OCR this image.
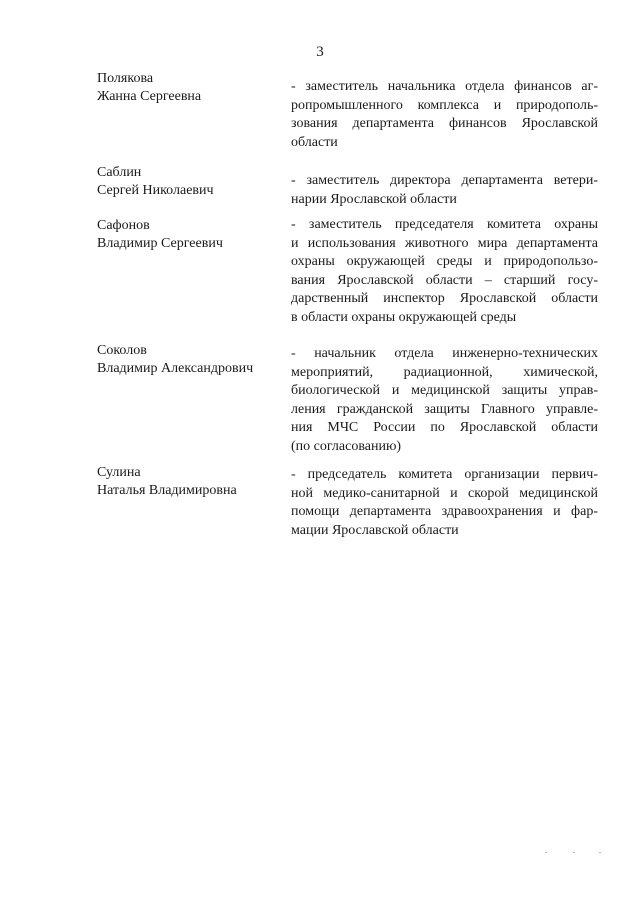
3
Полякова
Жанна Сергеевна
- заместитель начальника отдела финансов аг-
ропромышленного комплекса и природополь-
зования департамента финансов Ярославской
области
Саблин
Сергей Николаевич
- заместитель директора департамента ветери-
нарии Ярославской области
Сафонов
Владимир Сергеевич
- заместитель председателя комитета охраны
и использования животного мира департамента
охраны окружающей среды и природопользо-
вания Ярославской области – старший госу-
дарственный инспектор Ярославской области
в области охраны окружающей среды
Соколов
Владимир Александрович
- начальник отдела инженерно-технических
мероприятий, радиационной, химической,
биологической и медицинской защиты управ-
ления гражданской защиты Главного управле-
ния МЧС России по Ярославской области
(по согласованию)
Сулина
Наталья Владимировна
- председатель комитета организации первич-
ной медико-санитарной и скорой медицинской
помощи департамента здравоохранения и фар-
мации Ярославской области
